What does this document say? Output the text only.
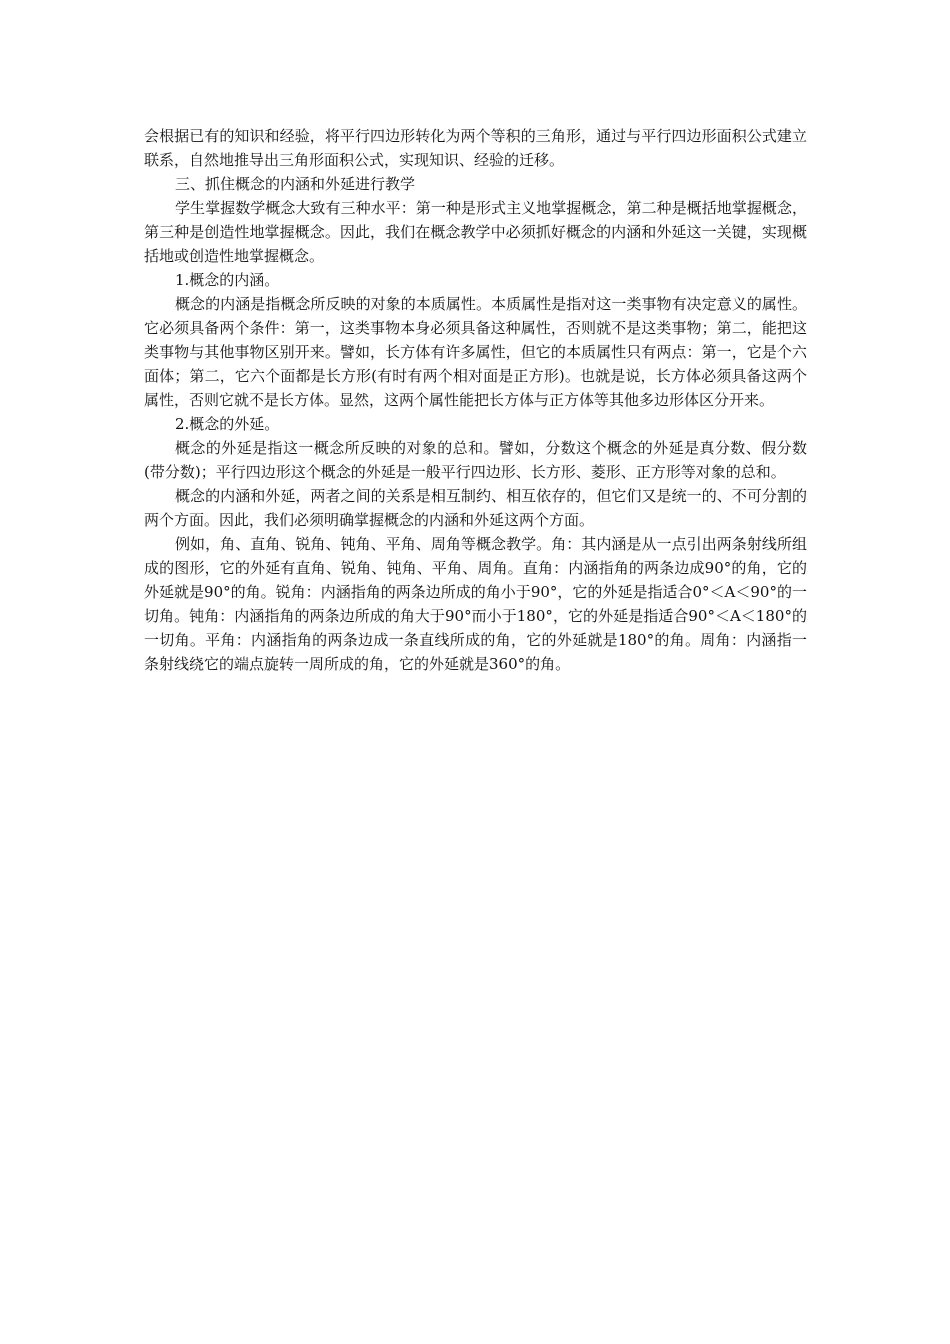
会根据已有的知识和经验，将平行四边形转化为两个等积的三角形，通过与平行四边形面积公式建立联系，自然地推导出三角形面积公式，实现知识、经验的迁移。

三、抓住概念的内涵和外延进行教学

学生掌握数学概念大致有三种水平：第一种是形式主义地掌握概念，第二种是概括地掌握概念，第三种是创造性地掌握概念。因此，我们在概念教学中必须抓好概念的内涵和外延这一关键，实现概括地或创造性地掌握概念。

1.概念的内涵。

概念的内涵是指概念所反映的对象的本质属性。本质属性是指对这一类事物有决定意义的属性。它必须具备两个条件：第一，这类事物本身必须具备这种属性，否则就不是这类事物；第二，能把这类事物与其他事物区别开来。譬如，长方体有许多属性，但它的本质属性只有两点：第一，它是个六面体；第二，它六个面都是长方形(有时有两个相对面是正方形)。也就是说，长方体必须具备这两个属性，否则它就不是长方体。显然，这两个属性能把长方体与正方体等其他多边形体区分开来。

2.概念的外延。

概念的外延是指这一概念所反映的对象的总和。譬如，分数这个概念的外延是真分数、假分数(带分数)；平行四边形这个概念的外延是一般平行四边形、长方形、菱形、正方形等对象的总和。

概念的内涵和外延，两者之间的关系是相互制约、相互依存的，但它们又是统一的、不可分割的两个方面。因此，我们必须明确掌握概念的内涵和外延这两个方面。

例如，角、直角、锐角、钝角、平角、周角等概念教学。角：其内涵是从一点引出两条射线所组成的图形，它的外延有直角、锐角、钝角、平角、周角。直角：内涵指角的两条边成90°的角，它的外延就是90°的角。锐角：内涵指角的两条边所成的角小于90°，它的外延是指适合0°＜A＜90°的一切角。钝角：内涵指角的两条边所成的角大于90°而小于180°，它的外延是指适合90°＜A＜180°的一切角。平角：内涵指角的两条边成一条直线所成的角，它的外延就是180°的角。周角：内涵指一条射线绕它的端点旋转一周所成的角，它的外延就是360°的角。
